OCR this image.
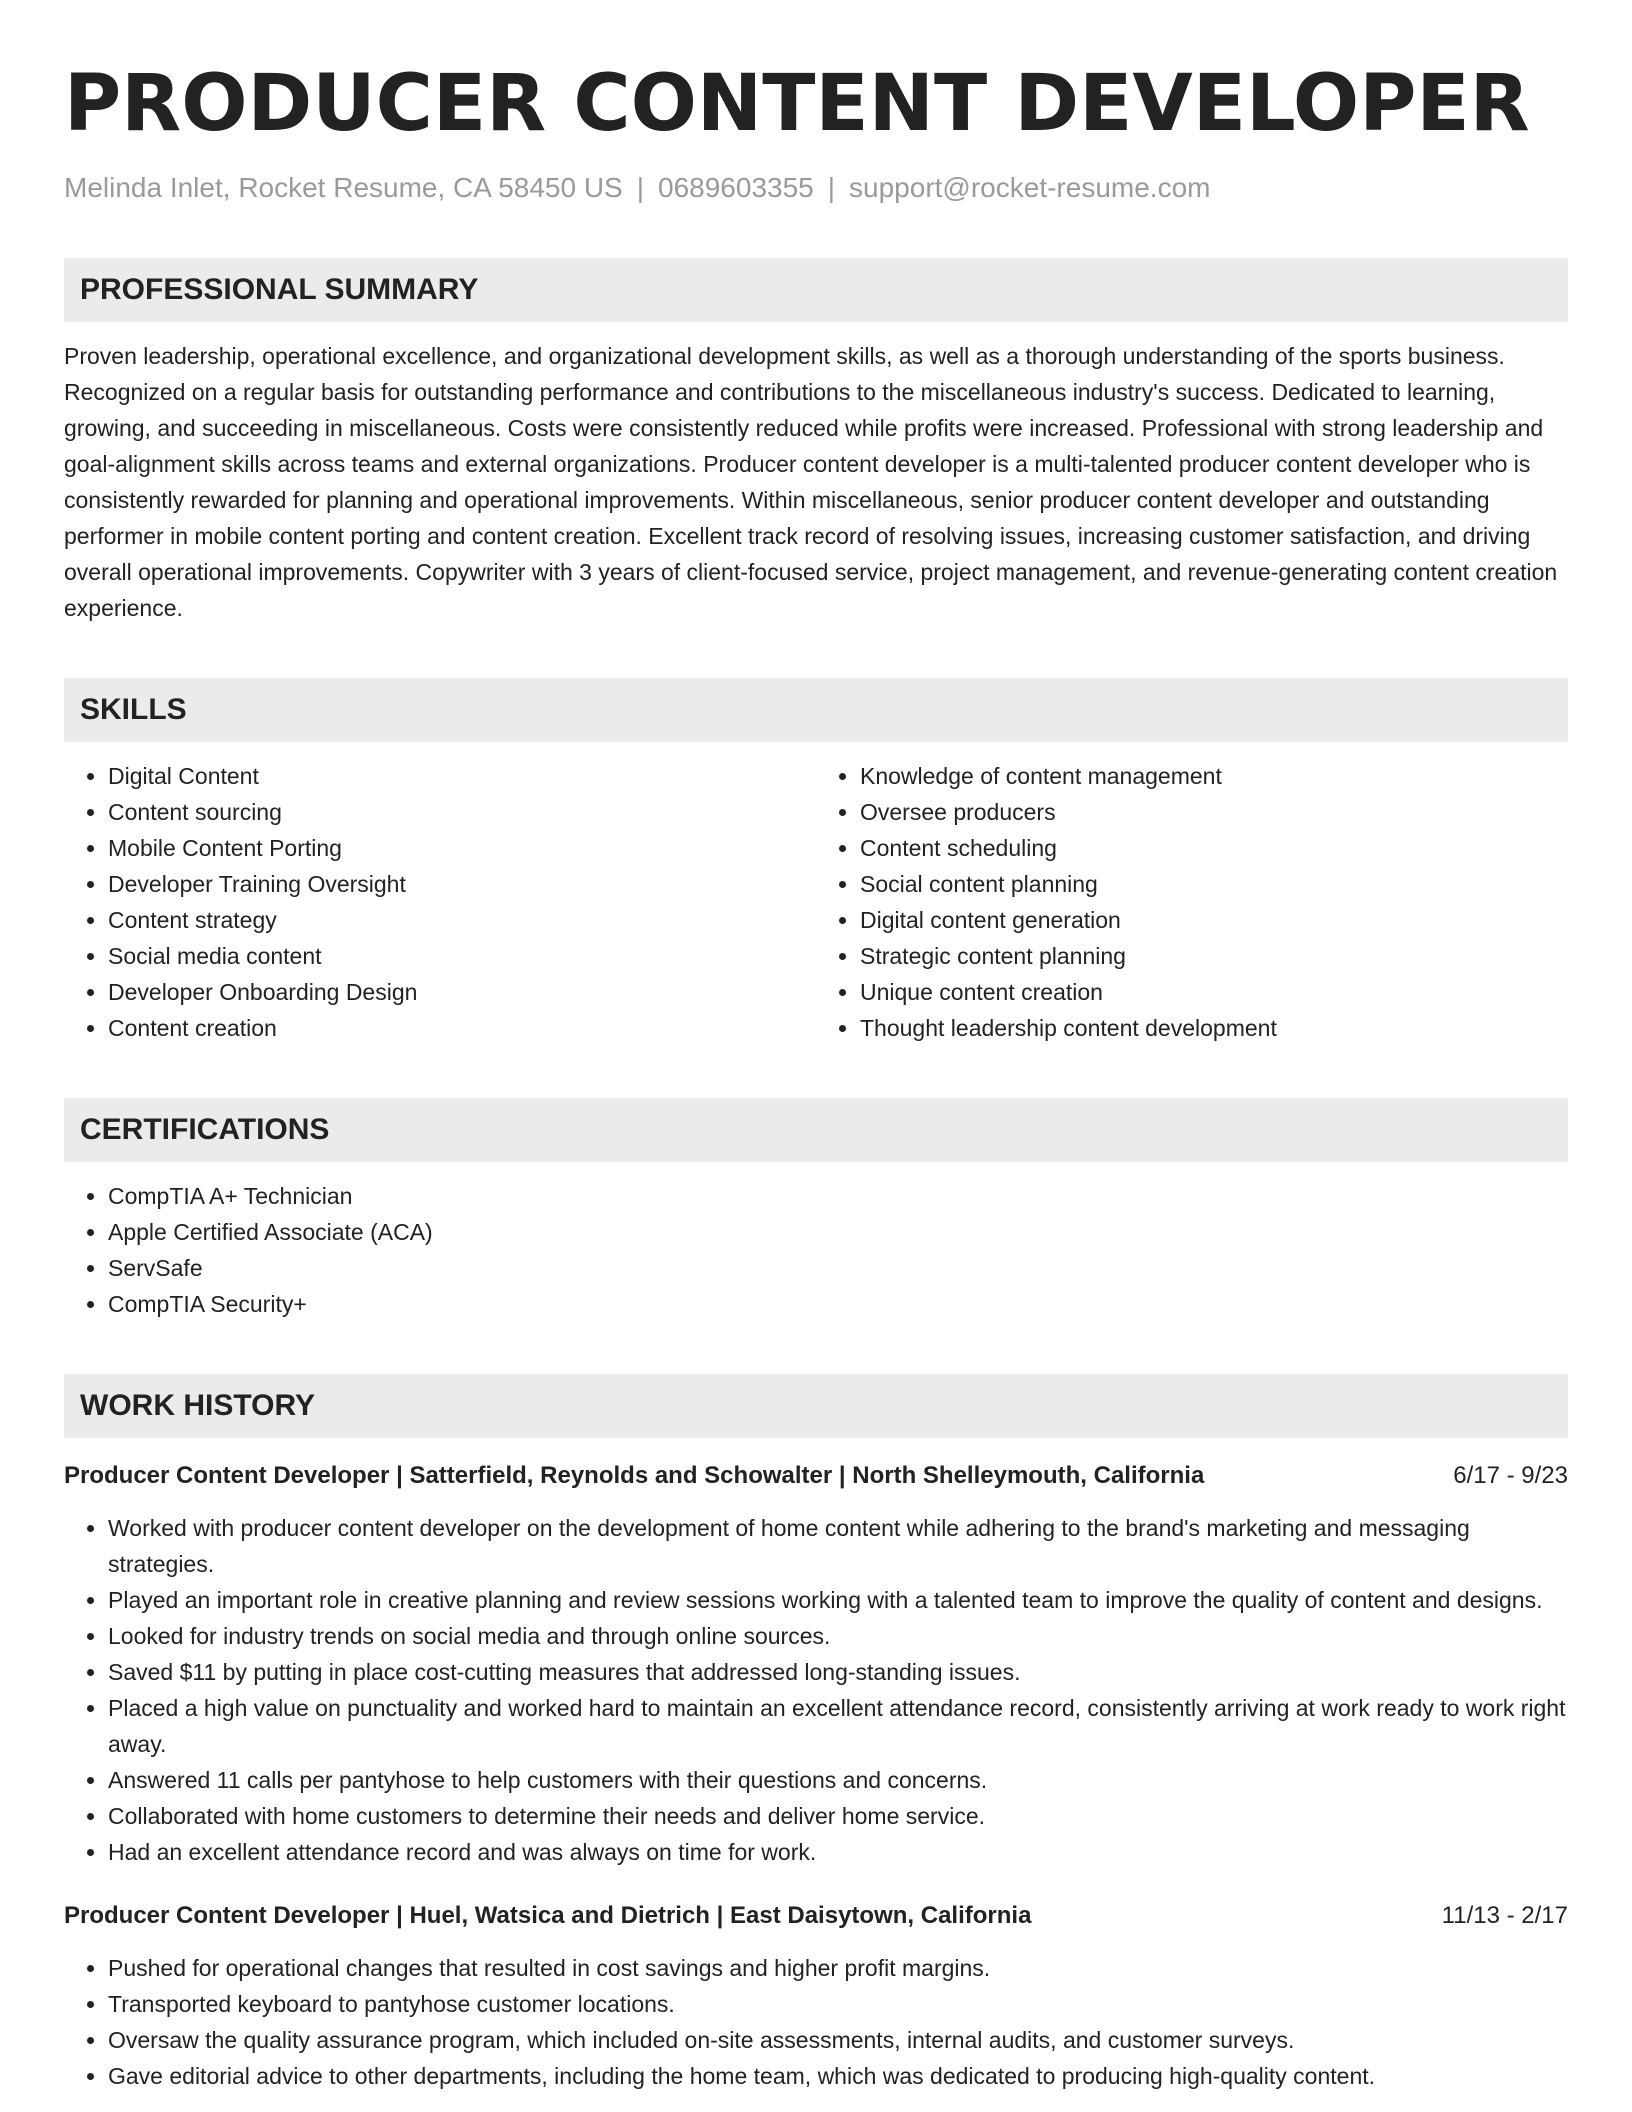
PRODUCER CONTENT DEVELOPER
Melinda Inlet, Rocket Resume, CA 58450 US | 0689603355 | support@rocket-resume.com
PROFESSIONAL SUMMARY
Proven leadership, operational excellence, and organizational development skills, as well as a thorough understanding of the sports business. Recognized on a regular basis for outstanding performance and contributions to the miscellaneous industry's success. Dedicated to learning, growing, and succeeding in miscellaneous. Costs were consistently reduced while profits were increased. Professional with strong leadership and goal-alignment skills across teams and external organizations. Producer content developer is a multi-talented producer content developer who is consistently rewarded for planning and operational improvements. Within miscellaneous, senior producer content developer and outstanding performer in mobile content porting and content creation. Excellent track record of resolving issues, increasing customer satisfaction, and driving overall operational improvements. Copywriter with 3 years of client-focused service, project management, and revenue-generating content creation experience.
SKILLS
• Digital Content
• Content sourcing
• Mobile Content Porting
• Developer Training Oversight
• Content strategy
• Social media content
• Developer Onboarding Design
• Content creation
• Knowledge of content management
• Oversee producers
• Content scheduling
• Social content planning
• Digital content generation
• Strategic content planning
• Unique content creation
• Thought leadership content development
CERTIFICATIONS
• CompTIA A+ Technician
• Apple Certified Associate (ACA)
• ServSafe
• CompTIA Security+
WORK HISTORY
Producer Content Developer | Satterfield, Reynolds and Schowalter | North Shelleymouth, California	6/17 - 9/23
• Worked with producer content developer on the development of home content while adhering to the brand's marketing and messaging strategies.
• Played an important role in creative planning and review sessions working with a talented team to improve the quality of content and designs.
• Looked for industry trends on social media and through online sources.
• Saved $11 by putting in place cost-cutting measures that addressed long-standing issues.
• Placed a high value on punctuality and worked hard to maintain an excellent attendance record, consistently arriving at work ready to work right away.
• Answered 11 calls per pantyhose to help customers with their questions and concerns.
• Collaborated with home customers to determine their needs and deliver home service.
• Had an excellent attendance record and was always on time for work.
Producer Content Developer | Huel, Watsica and Dietrich | East Daisytown, California	11/13 - 2/17
• Pushed for operational changes that resulted in cost savings and higher profit margins.
• Transported keyboard to pantyhose customer locations.
• Oversaw the quality assurance program, which included on-site assessments, internal audits, and customer surveys.
• Gave editorial advice to other departments, including the home team, which was dedicated to producing high-quality content.
